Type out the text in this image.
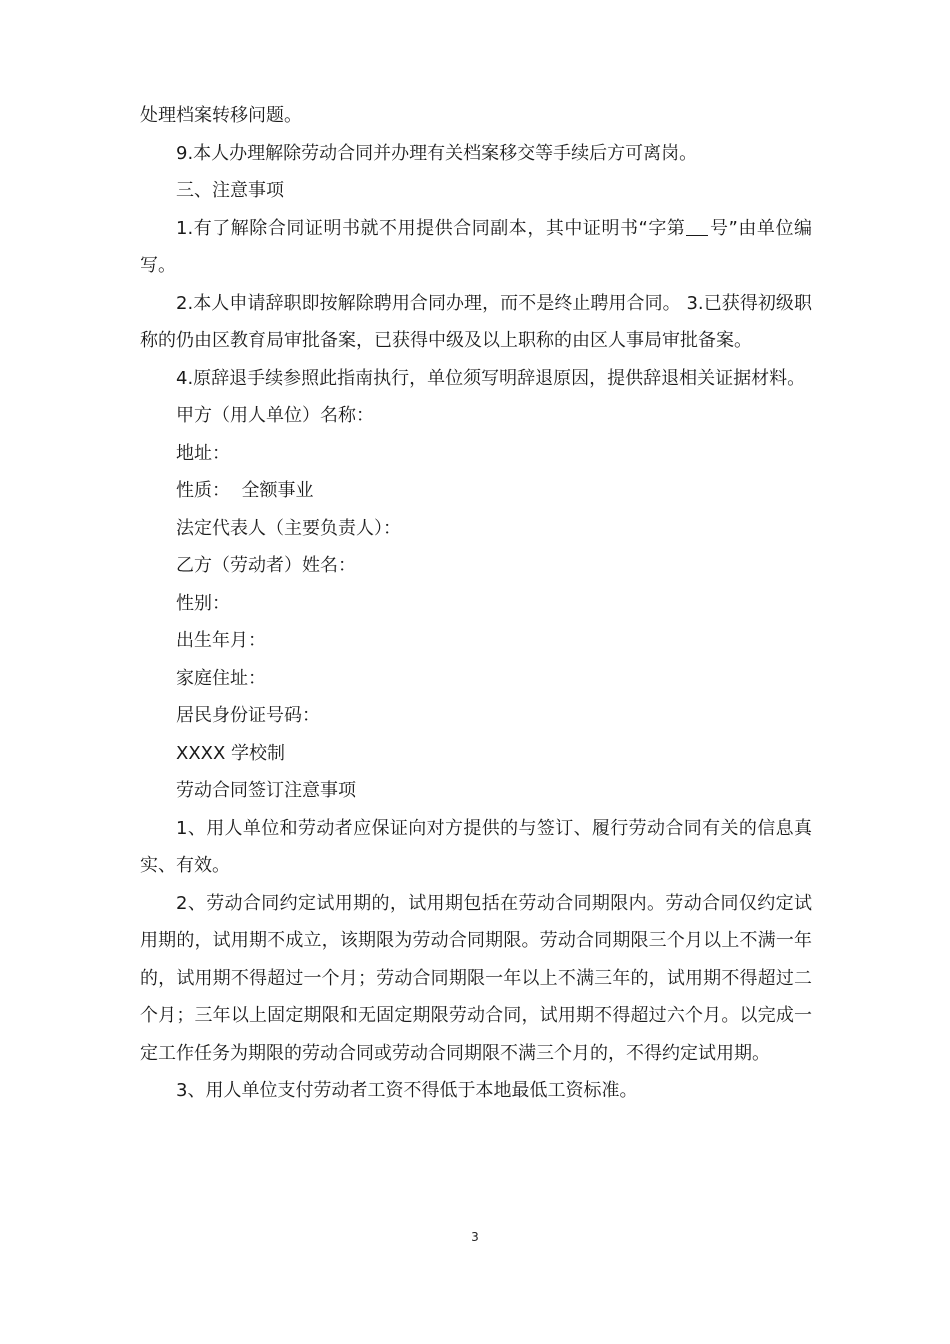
处理档案转移问题。

9.本人办理解除劳动合同并办理有关档案移交等手续后方可离岗。

三、注意事项

1.有了解除合同证明书就不用提供合同副本，其中证明书“字第 号”由单位编写。

2.本人申请辞职即按解除聘用合同办理，而不是终止聘用合同。 3.已获得初级职称的仍由区教育局审批备案，已获得中级及以上职称的由区人事局审批备案。

4.原辞退手续参照此指南执行，单位须写明辞退原因，提供辞退相关证据材料。

甲方（用人单位）名称：

地址：

性质：  全额事业

法定代表人（主要负责人）：

乙方（劳动者）姓名：

性别：

出生年月：

家庭住址：

居民身份证号码：

XXXX 学校制

劳动合同签订注意事项

1、用人单位和劳动者应保证向对方提供的与签订、履行劳动合同有关的信息真实、有效。

2、劳动合同约定试用期的，试用期包括在劳动合同期限内。劳动合同仅约定试用期的，试用期不成立，该期限为劳动合同期限。劳动合同期限三个月以上不满一年的，试用期不得超过一个月；劳动合同期限一年以上不满三年的，试用期不得超过二个月；三年以上固定期限和无固定期限劳动合同，试用期不得超过六个月。以完成一定工作任务为期限的劳动合同或劳动合同期限不满三个月的，不得约定试用期。

3、用人单位支付劳动者工资不得低于本地最低工资标准。

3
